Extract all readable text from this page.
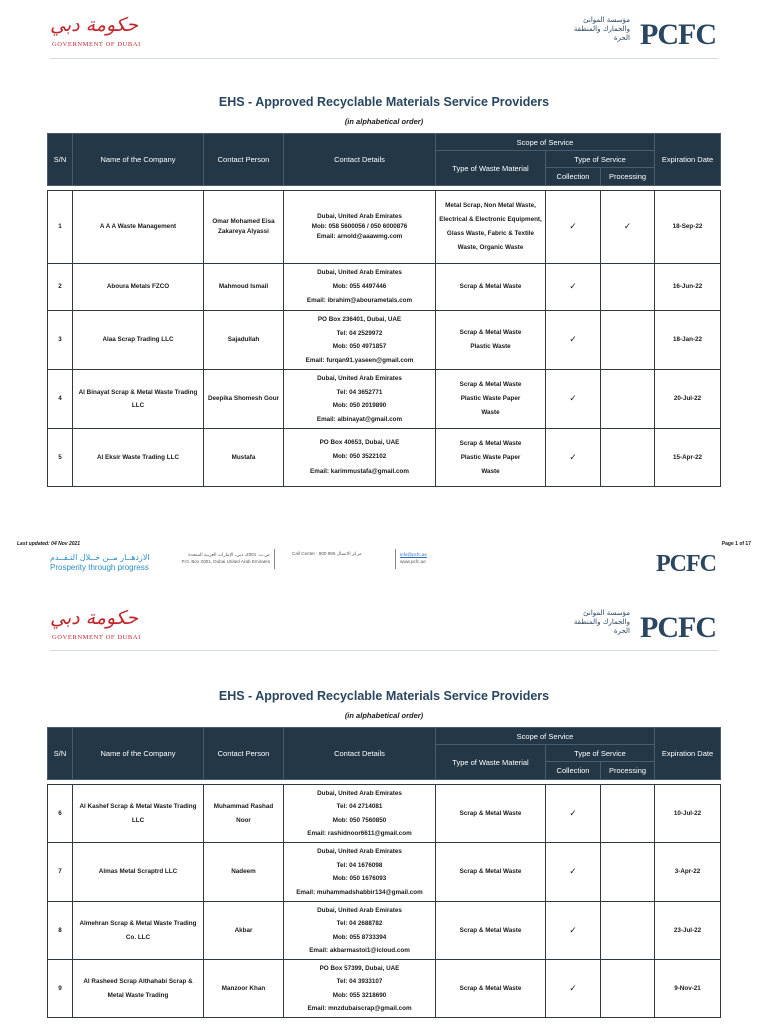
حكومة دبي
GOVERNMENT OF DUBAI
مؤسسة الموانئ
والجمارك والمنطقة
الحرة PCFC
EHS - Approved Recyclable Materials Service Providers
(in alphabetical order)
S/N	Name of the Company	Contact Person	Contact Details	Scope of Service			Expiration Date
				Type of Waste Material	Type of Service		
					Collection	Processing	

1	A A A Waste Management	Omar Mohamed Eisa Zakareya Alyassi	Dubai, United Arab Emirates
Mob: 058 5600056 / 050 6000876
Email: arnold@aaawmg.com	Metal Scrap, Non Metal Waste, Electrical & Electronic Equipment, Glass Waste, Fabric & Textile Waste, Organic Waste	✓	✓	18-Sep-22
2	Aboura Metals FZCO	Mahmoud Ismail	Dubai, United Arab Emirates
Mob: 055 4497446
Email: ibrahim@abourametals.com	Scrap & Metal Waste	✓		16-Jun-22
3	Alaa Scrap Trading LLC	Sajadullah	PO Box 236401, Dubai, UAE
Tel: 04 2529972
Mob: 050 4971857
Email: furqan91.yaseen@gmail.com	Scrap & Metal Waste Plastic Waste	✓		18-Jan-22
4	Al Binayat Scrap & Metal Waste Trading LLC	Deepika Shomesh Gour	Dubai, United Arab Emirates
Tel: 04 3652771
Mob: 050 2019890
Email: albinayat@gmail.com	Scrap & Metal Waste Plastic Waste Paper Waste	✓		20-Jul-22
5	Al Eksir Waste Trading LLC	Mustafa	PO Box 40653, Dubai, UAE
Mob: 050 3522102
Email: karimmustafa@gmail.com	Scrap & Metal Waste Plastic Waste Paper Waste	✓		15-Apr-22
Last updated: 04 Nov 2021	Page 1 of 17
الازدهــار مــن خــلال التـقــدم
Prosperity through progress
ص.ب. 2001، دبي، الإمارات العربية المتحدة
P.O. Box 2001, Dubai United Arab Emirates
Call Center : 800 996 مركز الاتصال	info@pcfc.ae
www.pcfc.ae	PCFC
حكومة دبي
GOVERNMENT OF DUBAI
مؤسسة الموانئ
والجمارك والمنطقة
الحرة PCFC
EHS - Approved Recyclable Materials Service Providers
(in alphabetical order)
S/N	Name of the Company	Contact Person	Contact Details	Scope of Service			Expiration Date
				Type of Waste Material	Type of Service		
					Collection	Processing	

6	Al Kashef Scrap & Metal Waste Trading LLC	Muhammad Rashad Noor	Dubai, United Arab Emirates
Tel: 04 2714081
Mob: 050 7560850
Email: rashidnoor6611@gmail.com	Scrap & Metal Waste	✓		10-Jul-22
7	Almas Metal Scraptrd LLC	Nadeem	Dubai, United Arab Emirates
Tel: 04 1676098
Mob: 050 1676093
Email: muhammadshabbir134@gmail.com	Scrap & Metal Waste	✓		3-Apr-22
8	Almehran Scrap & Metal Waste Trading Co. LLC	Akbar	Dubai, United Arab Emirates
Tel: 04 2688782
Mob: 055 8733394
Email: akbarmastoi1@icloud.com	Scrap & Metal Waste	✓		23-Jul-22
9	Al Rasheed Scrap Althahabi Scrap & Metal Waste Trading	Manzoor Khan	PO Box 57399, Dubai, UAE
Tel: 04 3933107
Mob: 055 3218690
Email: mnzdubaiscrap@gmail.com	Scrap & Metal Waste	✓		9-Nov-21
